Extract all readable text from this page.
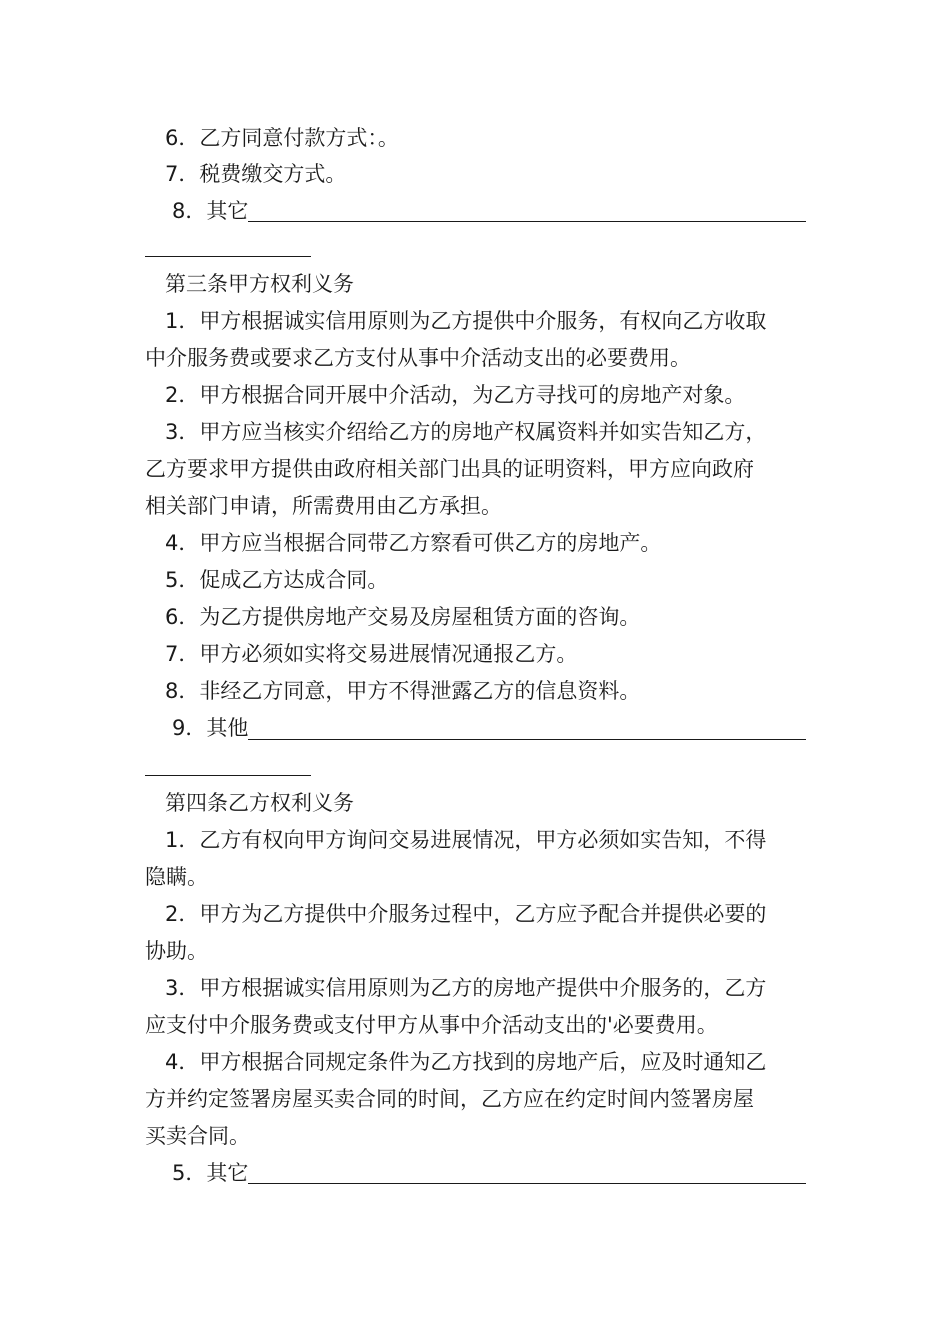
6．乙方同意付款方式：。
7．税费缴交方式。
8．其它
第三条甲方权利义务
1．甲方根据诚实信用原则为乙方提供中介服务，有权向乙方收取
中介服务费或要求乙方支付从事中介活动支出的必要费用。
2．甲方根据合同开展中介活动，为乙方寻找可的房地产对象。
3．甲方应当核实介绍给乙方的房地产权属资料并如实告知乙方，
乙方要求甲方提供由政府相关部门出具的证明资料，甲方应向政府
相关部门申请，所需费用由乙方承担。
4．甲方应当根据合同带乙方察看可供乙方的房地产。
5．促成乙方达成合同。
6．为乙方提供房地产交易及房屋租赁方面的咨询。
7．甲方必须如实将交易进展情况通报乙方。
8．非经乙方同意，甲方不得泄露乙方的信息资料。
9．其他
第四条乙方权利义务
1．乙方有权向甲方询问交易进展情况，甲方必须如实告知，不得
隐瞒。
2．甲方为乙方提供中介服务过程中，乙方应予配合并提供必要的
协助。
3．甲方根据诚实信用原则为乙方的房地产提供中介服务的，乙方
应支付中介服务费或支付甲方从事中介活动支出的'必要费用。
4．甲方根据合同规定条件为乙方找到的房地产后，应及时通知乙
方并约定签署房屋买卖合同的时间，乙方应在约定时间内签署房屋
买卖合同。
5．其它
